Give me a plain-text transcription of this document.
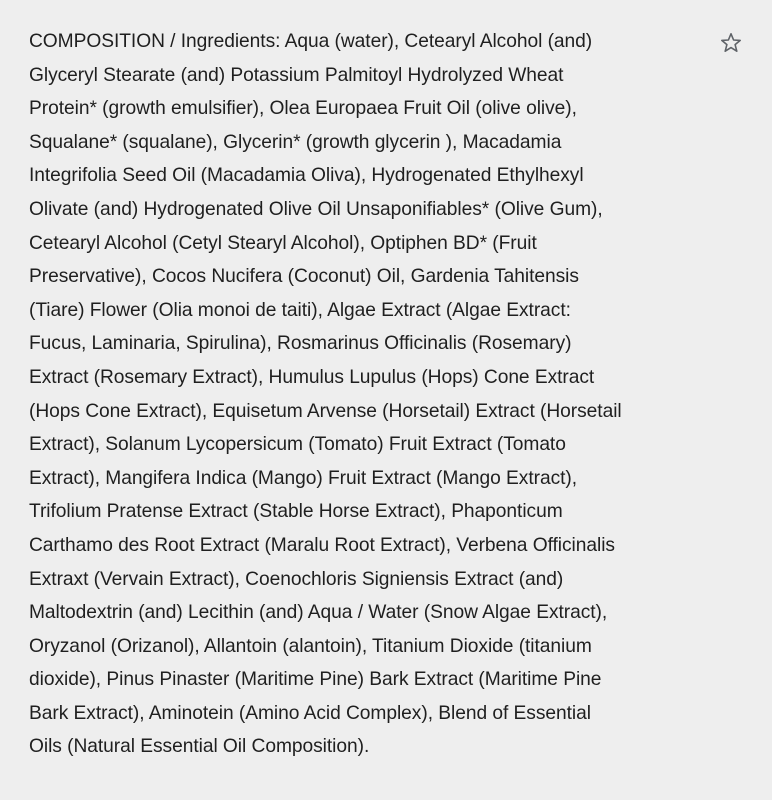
COMPOSITION / Ingredients: Aqua (water), Cetearyl Alcohol (and)
Glyceryl Stearate (and) Potassium Palmitoyl Hydrolyzed Wheat
Protein* (growth emulsifier), Olea Europaea Fruit Oil (olive olive),
Squalane* (squalane), Glycerin* (growth glycerin ), Macadamia
Integrifolia Seed Oil (Macadamia Oliva), Hydrogenated Ethylhexyl
Olivate (and) Hydrogenated Olive Oil Unsaponifiables* (Olive Gum),
Cetearyl Alcohol (Cetyl Stearyl Alcohol), Optiphen BD* (Fruit
Preservative), Cocos Nucifera (Coconut) Oil, Gardenia Tahitensis
(Tiare) Flower (Olia monoi de taiti), Algae Extract (Algae Extract:
Fucus, Laminaria, Spirulina), Rosmarinus Officinalis (Rosemary)
Extract (Rosemary Extract), Humulus Lupulus (Hops) Cone Extract
(Hops Cone Extract), Equisetum Arvense (Horsetail) Extract (Horsetail
Extract), Solanum Lycopersicum (Tomato) Fruit Extract (Tomato
Extract), Mangifera Indica (Mango) Fruit Extract (Mango Extract),
Trifolium Pratense Extract (Stable Horse Extract), Phaponticum
Carthamo des Root Extract (Maralu Root Extract), Verbena Officinalis
Extraxt (Vervain Extract), Coenochloris Signiensis Extract (and)
Maltodextrin (and) Lecithin (and) Aqua / Water (Snow Algae Extract),
Oryzanol (Orizanol), Allantoin (alantoin), Titanium Dioxide (titanium
dioxide), Pinus Pinaster (Maritime Pine) Bark Extract (Maritime Pine
Bark Extract), Aminotein (Amino Acid Complex), Blend of Essential
Oils (Natural Essential Oil Composition).
